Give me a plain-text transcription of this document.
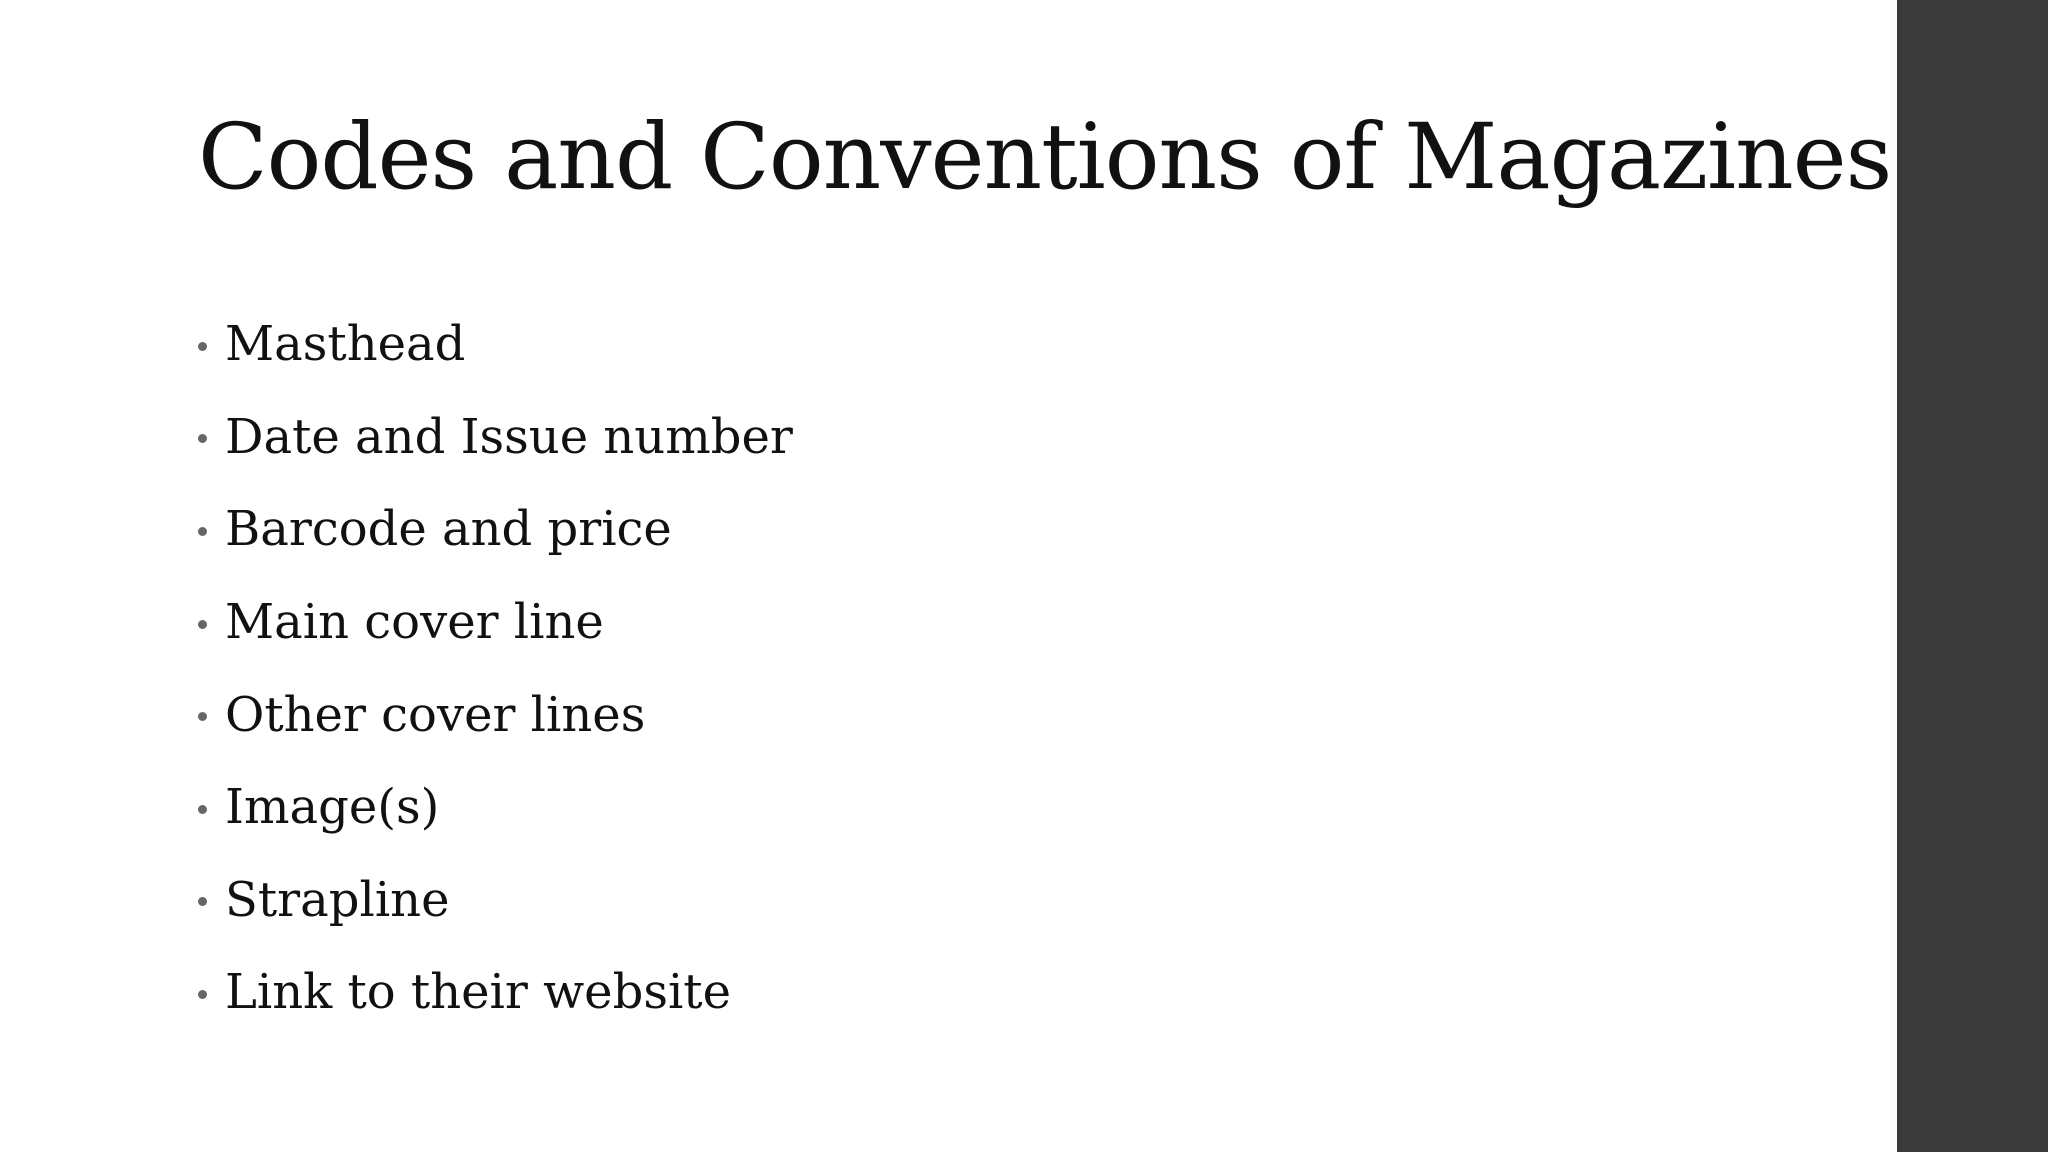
Codes and Conventions of Magazines
Masthead
Date and Issue number
Barcode and price
Main cover line
Other cover lines
Image(s)
Strapline
Link to their website
